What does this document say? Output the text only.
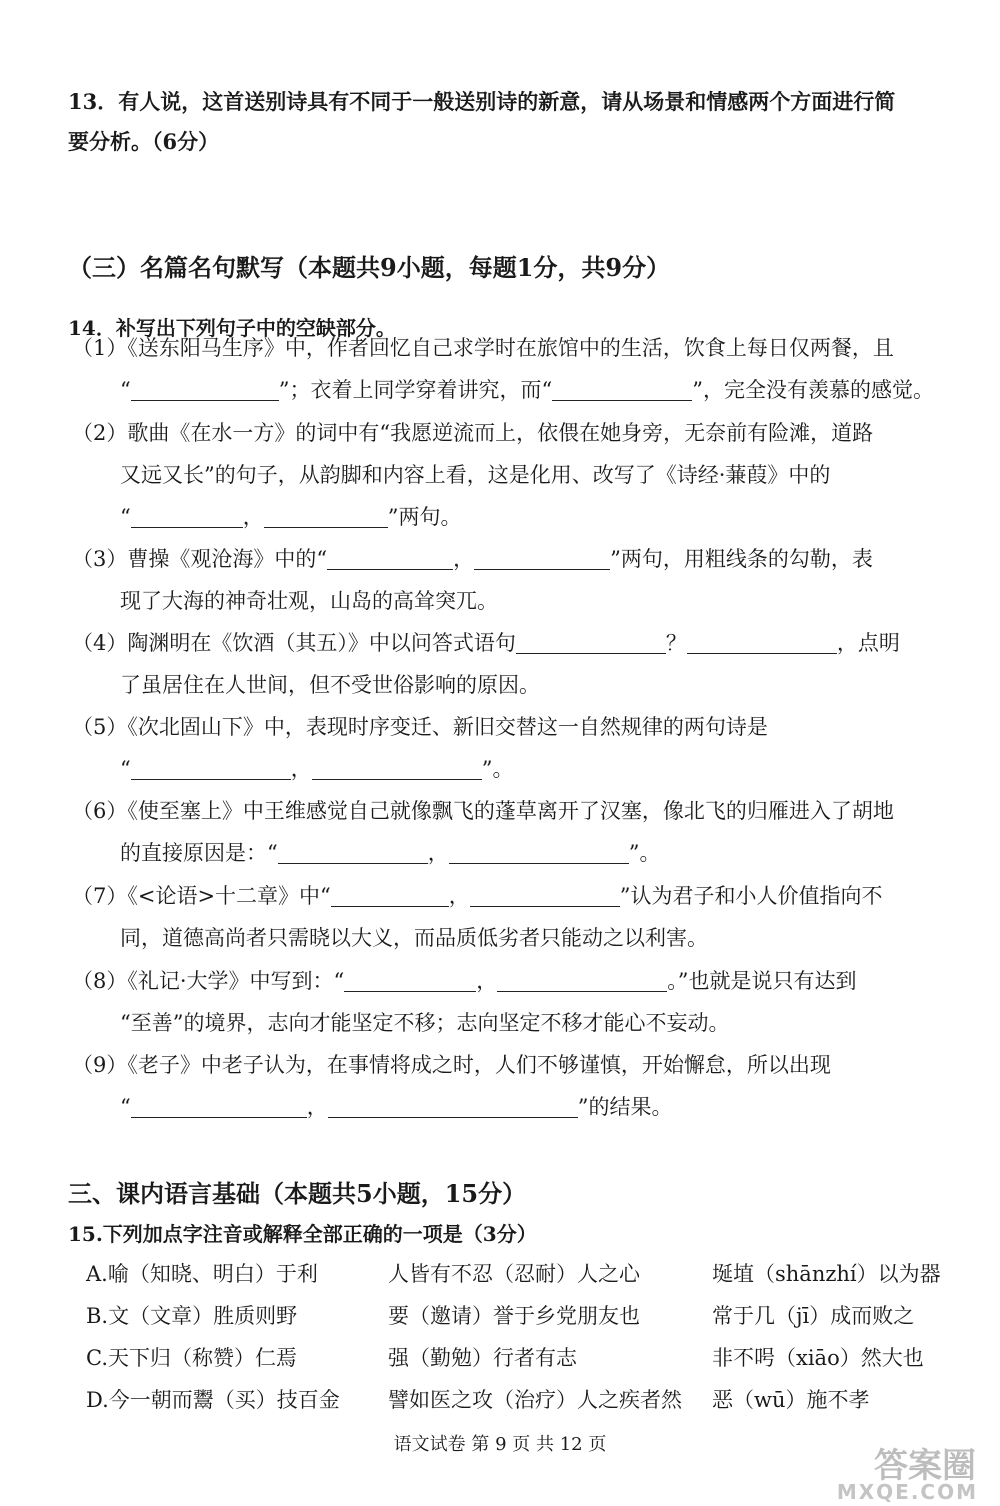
13．有人说，这首送别诗具有不同于一般送别诗的新意，请从场景和情感两个方面进行简
要分析。（6分）
（三）名篇名句默写（本题共9小题，每题1分，共9分）
14．补写出下列句子中的空缺部分。
（1）《送东阳马生序》中，作者回忆自己求学时在旅馆中的生活，饮食上每日仅两餐，且
“	”；衣着上同学穿着讲究，而“	”，完全没有羡慕的感觉。
（2）歌曲《在水一方》的词中有“我愿逆流而上，依偎在她身旁，无奈前有险滩，道路
又远又长”的句子，从韵脚和内容上看，这是化用、改写了《诗经·蒹葭》中的
“	，	”两句。
（3）曹操《观沧海》中的“	，	”两句，用粗线条的勾勒，表
现了大海的神奇壮观，山岛的高耸突兀。
（4）陶渊明在《饮酒（其五）》中以问答式语句	？	，点明
了虽居住在人世间，但不受世俗影响的原因。
（5）《次北固山下》中，表现时序变迁、新旧交替这一自然规律的两句诗是
“	，	”。
（6）《使至塞上》中王维感觉自己就像飘飞的蓬草离开了汉塞，像北飞的归雁进入了胡地
的直接原因是：“	，	”。
（7）《<论语>十二章》中“	，	”认为君子和小人价值指向不
同，道德高尚者只需晓以大义，而品质低劣者只能动之以利害。
（8）《礼记·大学》中写到：“	，	。”也就是说只有达到
“至善”的境界，志向才能坚定不移；志向坚定不移才能心不妄动。
（9）《老子》中老子认为，在事情将成之时，人们不够谨慎，开始懈怠，所以出现
“	，	”的结果。
三、课内语言基础（本题共5小题，15分）
15.下列加点字注音或解释全部正确的一项是（3分）
A.喻（知晓、明白）于利	人皆有不忍（忍耐）人之心	埏埴（shānzhí）以为器
B.文（文章）胜质则野	要（邀请）誉于乡党朋友也	常于几（jī）成而败之
C.天下归（称赞）仁焉	强（勤勉）行者有志	非不呺（xiāo）然大也
D.今一朝而鬻（买）技百金 譬如医之攻（治疗）人之疾者然 恶（wū）施不孝
语文试卷 第 9 页 共 12 页
答案圈
MXQE.COM
